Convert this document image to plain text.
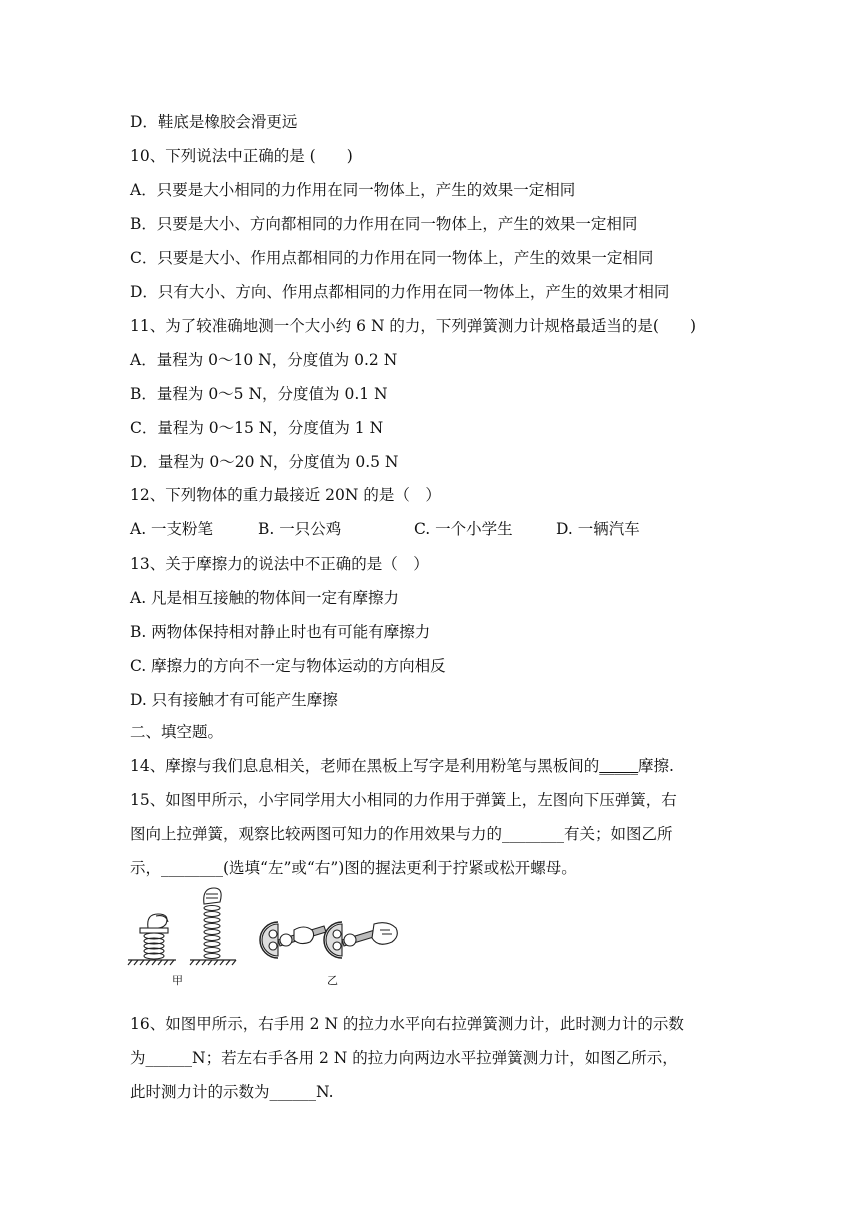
D．鞋底是橡胶会滑更远
10、下列说法中正确的是 (　　)
A．只要是大小相同的力作用在同一物体上，产生的效果一定相同
B．只要是大小、方向都相同的力作用在同一物体上，产生的效果一定相同
C．只要是大小、作用点都相同的力作用在同一物体上，产生的效果一定相同
D．只有大小、方向、作用点都相同的力作用在同一物体上，产生的效果才相同
11、为了较准确地测一个大小约 6 N 的力，下列弹簧测力计规格最适当的是(　　)
A．量程为 0～10 N，分度值为 0.2 N
B．量程为 0～5 N，分度值为 0.1 N
C．量程为 0～15 N，分度值为 1 N
D．量程为 0～20 N，分度值为 0.5 N
12、下列物体的重力最接近 20N 的是（　）
A. 一支粉笔	B. 一只公鸡	C. 一个小学生	D. 一辆汽车
13、关于摩擦力的说法中不正确的是（　）
A. 凡是相互接触的物体间一定有摩擦力
B. 两物体保持相对静止时也有可能有摩擦力
C. 摩擦力的方向不一定与物体运动的方向相反
D. 只有接触才有可能产生摩擦
二、填空题。
14、摩擦与我们息息相关，老师在黑板上写字是利用粉笔与黑板间的_____摩擦.
15、如图甲所示，小宇同学用大小相同的力作用于弹簧上，左图向下压弹簧，右
图向上拉弹簧，观察比较两图可知力的作用效果与力的________有关；如图乙所
示，________(选填“左”或“右”)图的握法更利于拧紧或松开螺母。
甲	乙
16、如图甲所示，右手用 2 N 的拉力水平向右拉弹簧测力计，此时测力计的示数
为______N；若左右手各用 2 N 的拉力向两边水平拉弹簧测力计，如图乙所示，
此时测力计的示数为______N.
